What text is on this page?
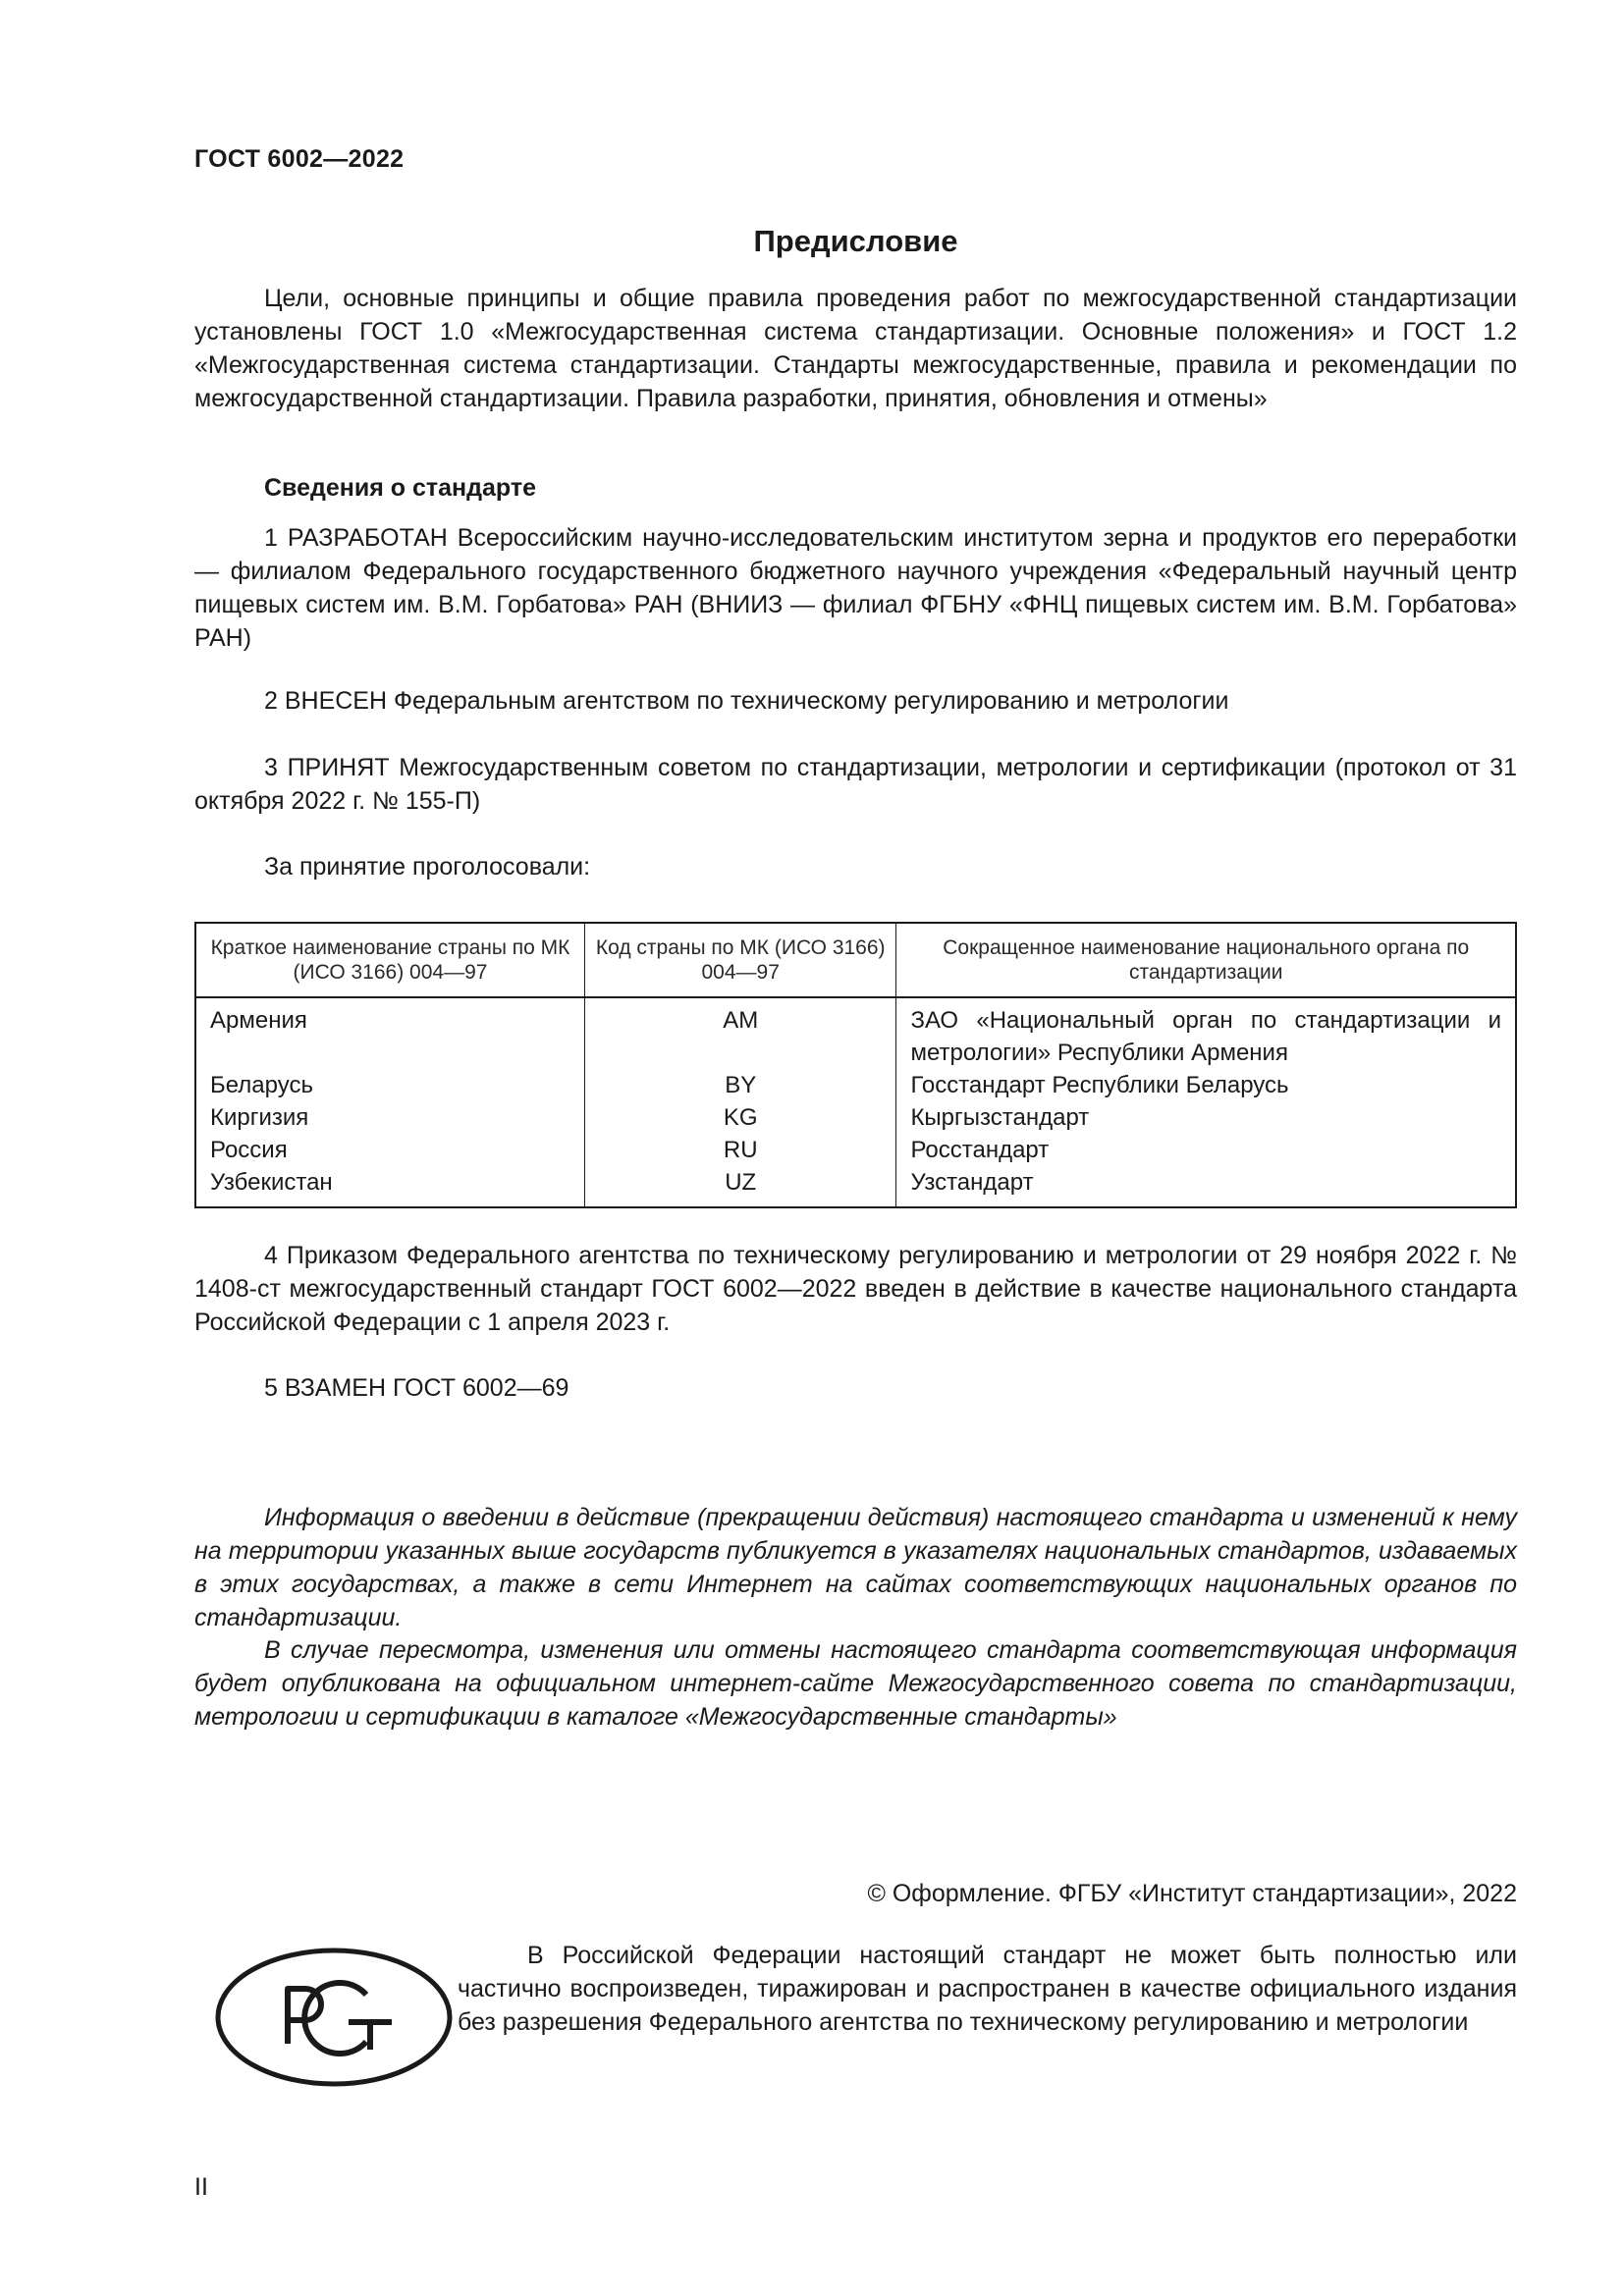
ГОСТ 6002—2022
Предисловие

Цели, основные принципы и общие правила проведения работ по межгосударственной стандартизации установлены ГОСТ 1.0 «Межгосударственная система стандартизации. Основные положения» и ГОСТ 1.2 «Межгосударственная система стандартизации. Стандарты межгосударственные, правила и рекомендации по межгосударственной стандартизации. Правила разработки, принятия, обновления и отмены»

Сведения о стандарте

1 РАЗРАБОТАН Всероссийским научно-исследовательским институтом зерна и продуктов его переработки — филиалом Федерального государственного бюджетного научного учреждения «Федеральный научный центр пищевых систем им. В.М. Горбатова» РАН (ВНИИЗ — филиал ФГБНУ «ФНЦ пищевых систем им. В.М. Горбатова» РАН)

2 ВНЕСЕН Федеральным агентством по техническому регулированию и метрологии

3 ПРИНЯТ Межгосударственным советом по стандартизации, метрологии и сертификации (протокол от 31 октября 2022 г. № 155-П)

За принятие проголосовали:

Краткое наименование страны по МК (ИСО 3166) 004—97	Код страны по МК (ИСО 3166) 004—97	Сокращенное наименование национального органа по стандартизации
Армения	AM	ЗАО «Национальный орган по стандартизации и метрологии» Республики Армения
Беларусь	BY	Госстандарт Республики Беларусь
Киргизия	KG	Кыргызстандарт
Россия	RU	Росстандарт
Узбекистан	UZ	Узстандарт

4 Приказом Федерального агентства по техническому регулированию и метрологии от 29 ноября 2022 г. № 1408-ст межгосударственный стандарт ГОСТ 6002—2022 введен в действие в качестве национального стандарта Российской Федерации с 1 апреля 2023 г.

5 ВЗАМЕН ГОСТ 6002—69

Информация о введении в действие (прекращении действия) настоящего стандарта и изменений к нему на территории указанных выше государств публикуется в указателях национальных стандартов, издаваемых в этих государствах, а также в сети Интернет на сайтах соответствующих национальных органов по стандартизации.

В случае пересмотра, изменения или отмены настоящего стандарта соответствующая информация будет опубликована на официальном интернет-сайте Межгосударственного совета по стандартизации, метрологии и сертификации в каталоге «Межгосударственные стандарты»

© Оформление. ФГБУ «Институт стандартизации», 2022

В Российской Федерации настоящий стандарт не может быть полностью или частично воспроизведен, тиражирован и распространен в качестве официального издания без разрешения Федерального агентства по техническому регулированию и метрологии

II
